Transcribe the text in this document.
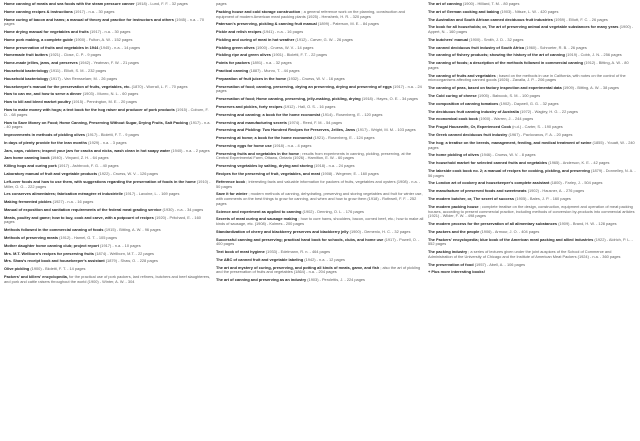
Home canning of meats and sea foods with the steam pressure canner (1918) - Lund, F. F. - 32 pages

Home canning recipes & instructions (1917) - n.a. - 30 pages

Home curing of bacon and hams; a manual of theory and practice for instructors and others (1945) - n.a. - 70 pages

Home drying manual for vegetables and fruits (1917) - n.a. - 30 pages

Home pork making, a complete guide (1900) - Fulton, A. W. - 152 pages

Home preservation of fruits and vegetables in 1944 (1945) - n.a. - 14 pages

Homemade fruit butters (1921) - Close, C. P. - 9 pages

Home-made jellies, jams, and preserves (1942) - Yeatman, F. W. - 21 pages

Household bacteriology (1911) - Elliott, S. M. - 232 pages

Household bacteriology (1917) - Van Rensselaer, M. - 26 pages

Housekeeper's manual for the preservation of fruits, vegetables, etc. (1870) - Worrall, L. F. - 70 pages

How to can me, and how to serve a dinner (1903) - Munro, N. L. - 60 pages

How to kill and bleed market poultry (1915) - Pennington, M. E. - 20 pages

How to make money with hogs; a text book for the hog raiser and producer of pork products (1915) - Coburn, F. D. - 68 pages

How to Save Money on Food; Home Canning, Preserving Without Sugar, Drying Fruits, Salt Packing (1917) - n.a. - 40 pages

Improvements in methods of pickling olives (1917) - Bioletti, F. T. - 9 pages

In days of plenty provide for the lean months (1929) - n.a. - 3 pages

Jars, caps, rubbers; inspect your jars for cracks and nicks, wash clean in hot soapy water (1940) - n.a. - 2 pages

Jam home canning book (1940) - Vinyard, Z. H. - 64 pages

Killing hogs and curing pork (1917) - Ashbrook, F. G. - 40 pages

Laboratory manual of fruit and vegetable products (1922) - Cruess, W. V. - 126 pages

Left-over foods and how to use them, with suggestions regarding the preservation of foods in the home (1910) - Miller, O. G. - 222 pages

Les conserves alimentaires; fabrication ménagère et industrielle (1917) - Lavoine, L. - 169 pages

Making fermented pickles (1927) - n.a. - 16 pages

Manual of exposition and sanitation requirements of the federal meat grading service (1930) - n.a. - 34 pages

Meats, poultry and game; how to buy, cook and carve, with a potpourri of recipes (1920) - Pritchard, E. - 160 pages

Methods followed in the commercial canning of foods (1915) - Bitting, A. W. - 96 pages

Methods of preserving meats (1912) - Hamel, G. T. - 105 pages

Mother daughter home canning club; project report (1917) - n.a. - 10 pages

Mrs. M.T. Wellborn's recipes for preserving fruits (1874) - Wellborn, M.T. - 22 pages

Mrs. Shaw's receipt book and housekeeper's assistant (1879) - Shaw, O. - 228 pages

Olive pickling (1900) - Bioletti, F. T. - 14 pages

Packers' and killers' encyclopedia, for the practical use of pork packers, lard refiners, butchers and beef slaughterers, and pork and cattle raisers throughout the world (1900) - Winter, A. W. - 304

pages

Packing house and cold storage construction ; a general reference work on the planning, construction and equipment of modern American meat packing plants (1925) - Hensherk, H. R. - 320 pages

Paterson's preserving, pickling & canning fruit manual (1899) - Paterson, M. E. - 84 pages

Pickle and relish recipes (1941) - n.a. - 16 pages

Pickling and curing of meat in hot weather (1912) - Carver, G. W. - 26 pages

Pickling green olives (1900) - Cruess, W. V. - 14 pages

Pickling ripe and green olives (1901) - Bioletti, F. T. - 22 pages

Points for packers (1891) - n.a. - 32 pages

Practical canning (1887) - Munro, T. - 44 pages

Preparation of fruit juices in the home (1932) - Cruess, W. V. - 16 pages

Preservation of food; canning, preserving, drying an preserving, drying and preserving of eggs (1917) - n.a. - 24 pages

Preservation of food; Home canning, preserving, jelly-making, pickling, drying (1918) - Hayes, O. E. - 34 pages

Preserves and pickles, forty recipes (1912) - Hall, O. S. - 16 pages

Preserving and canning; a book for the home economist (1914) - Rosenberg, E. - 120 pages

Preserving and manufacturing secrets (1974) - Reed, F. M. - 54 pages

Preserving and Pickling: Two Hundred Recipes for Preserves, Jellies, Jams (1917) - Wright, M. M. - 103 pages

Preserving at home; a book for the home economist (1921) - Rosenberg, E. - 124 pages

Preserving eggs for home use (1918) - n.a. - 4 pages

Preserving fruits and vegetables in the home ; results from experiments in canning, pickling, preserving, at the Central Experimental Farm, Ottawa, Ontario (1926) - Hamilton, E. W. - 60 pages

Preserving vegetables by salting, drying and storing (1918) - n.a. - 24 pages

Recipes for the preserving of fruit, vegetables, and meat (1908) - Wegener, E. - 160 pages

Reference book ; interesting facts and valuable information for packers of fruits, vegetables and oysters (1908) - n.a. - 50 pages

Save it for winter ; modern methods of canning, dehydrating, preserving and storing vegetables and fruit for winter use, with comments on the best things to grow for canning, and when and how to grow them (1918) - Rothwell, F. F. - 252 pages

Science and experiment as applied to canning (1902) - Denning, O. L. - 176 pages

Secrets of meat curing and sausage making ; how to cure hams, shoulders, bacon, corned beef, etc.; how to make all kinds of sausage, etc. (1908) - Kolmes - 200 pages

Standardization of cherry and blackberry preserves and blackberry jelly (1900) - Demenio, H. C. - 32 pages

Successful canning and preserving; practical hand book for schools, clubs, and home use (1917) - Powell, O. - 400 pages

Text book of meat hygiene (1933) - Edelmann, R. n. - 464 pages

The ABC of canned fruit and vegetable labeling (1942) - n.a. - 12 pages

The art and mystery of curing, preserving, and potting all kinds of meats, game, and fish ; also the art of pickling and the preservation of fruits and vegetables (1864) - n.a. - 204 pages

The art of canning and preserving as an industry (1903) - Perolettis, J. - 224 pages

The art of canning (1900) - Hilliard, T. M. - 80 pages

The art of German cooking and baking (1903) - Nitsze, L. W. - 420 pages

The Australian and South African canned deciduous fruit industries (1959) - Elliott, F. C. - 26 pages

The book for all households; or, The art of preserving animal and vegetable substances for many years (1900) - Appert, N. - 160 pages

The butchers' manual (1900) - Smith, J. D. - 32 pages

The canned deciduous fruit industry of South Africa (1960) - Schroeter, R. B. - 26 pages

The canning of fishery products; showing the history of the art of canning (1919) - Cobb, J. N. - 256 pages

The canning of foods; a description of the methods followed in commercial canning (1912) - Bitting, A. W. - 80 pages

The canning of fruits and vegetables ; based on the methods in use in California, with notes on the control of the microorganisms affecting canned goods (1926) - Zavalla, J. P. - 206 pages

The canning of peas, based on factory inspection and experimental data (1909) - Bitting, A. W. - 38 pages

The Cold curing of cheese (1905) - Babcock, S. M. - 100 pages

The composition of canning tomatoes (1902) - Daywell, G. G. - 32 pages

The deciduous fruit canning industry of Australia (1972) - Wagley, H. G. - 22 pages

The economical cook book (1900) - Warren, J. - 244 pages

The Frugal Housewife, Or, Experienced Cook (n.d.) - Carter, S. - 190 pages

The Greek canned deciduous fruit industry (1967) - Pavlovanos, F. A. - 20 pages

The hog; a treatise on the breeds, management, feeding, and medical treatment of swine (1855) - Youatt, W. - 240 pages

The home pickling of olives (1946) - Cruess, W. V. - 8 pages

The household market for selected canned fruits and vegetables (1965) - Anderson, K. E. - 42 pages

The lakeside cook book no. 2; a manual of recipes for cooking, pickling, and preserving (1879) - Donnelley, N. A. - 56 pages

The London art of cookery and housekeeper's complete assistant (1800) - Farley, J. - 504 pages

The manufacture of preserved foods and sweetmeats (1902) - Hausner, A. - 276 pages

The modern butcher, or, The secret of success (1905) - Bates, J. P. - 160 pages

The modern packing house ; complete treatise on the design, construction, equipment and operation of meat packing houses, according to present commercial practice, including methods of conversion by-products into commercial articles (1921) - Wilder, F. W. - 498 pages

The modern process for the preservation of all alimentary substances (1909) - Brand, H. W. - 128 pages

The packers and the people (1906) - Armour, J. O. - 404 pages

The Packers' encyclopedia; blue book of the American meat packing and allied industries (1922) - Aldrich, P. L. - 552 pages

The packing industry ; a series of lectures given under the joint auspices of the School of Commerce and Administration of the University of Chicago and the Institute of American Meat Packers (1924) - n.a. - 360 pages

The preservation of food (1957) - Abell, A. - 106 pages

+ Plus more interesting books!
